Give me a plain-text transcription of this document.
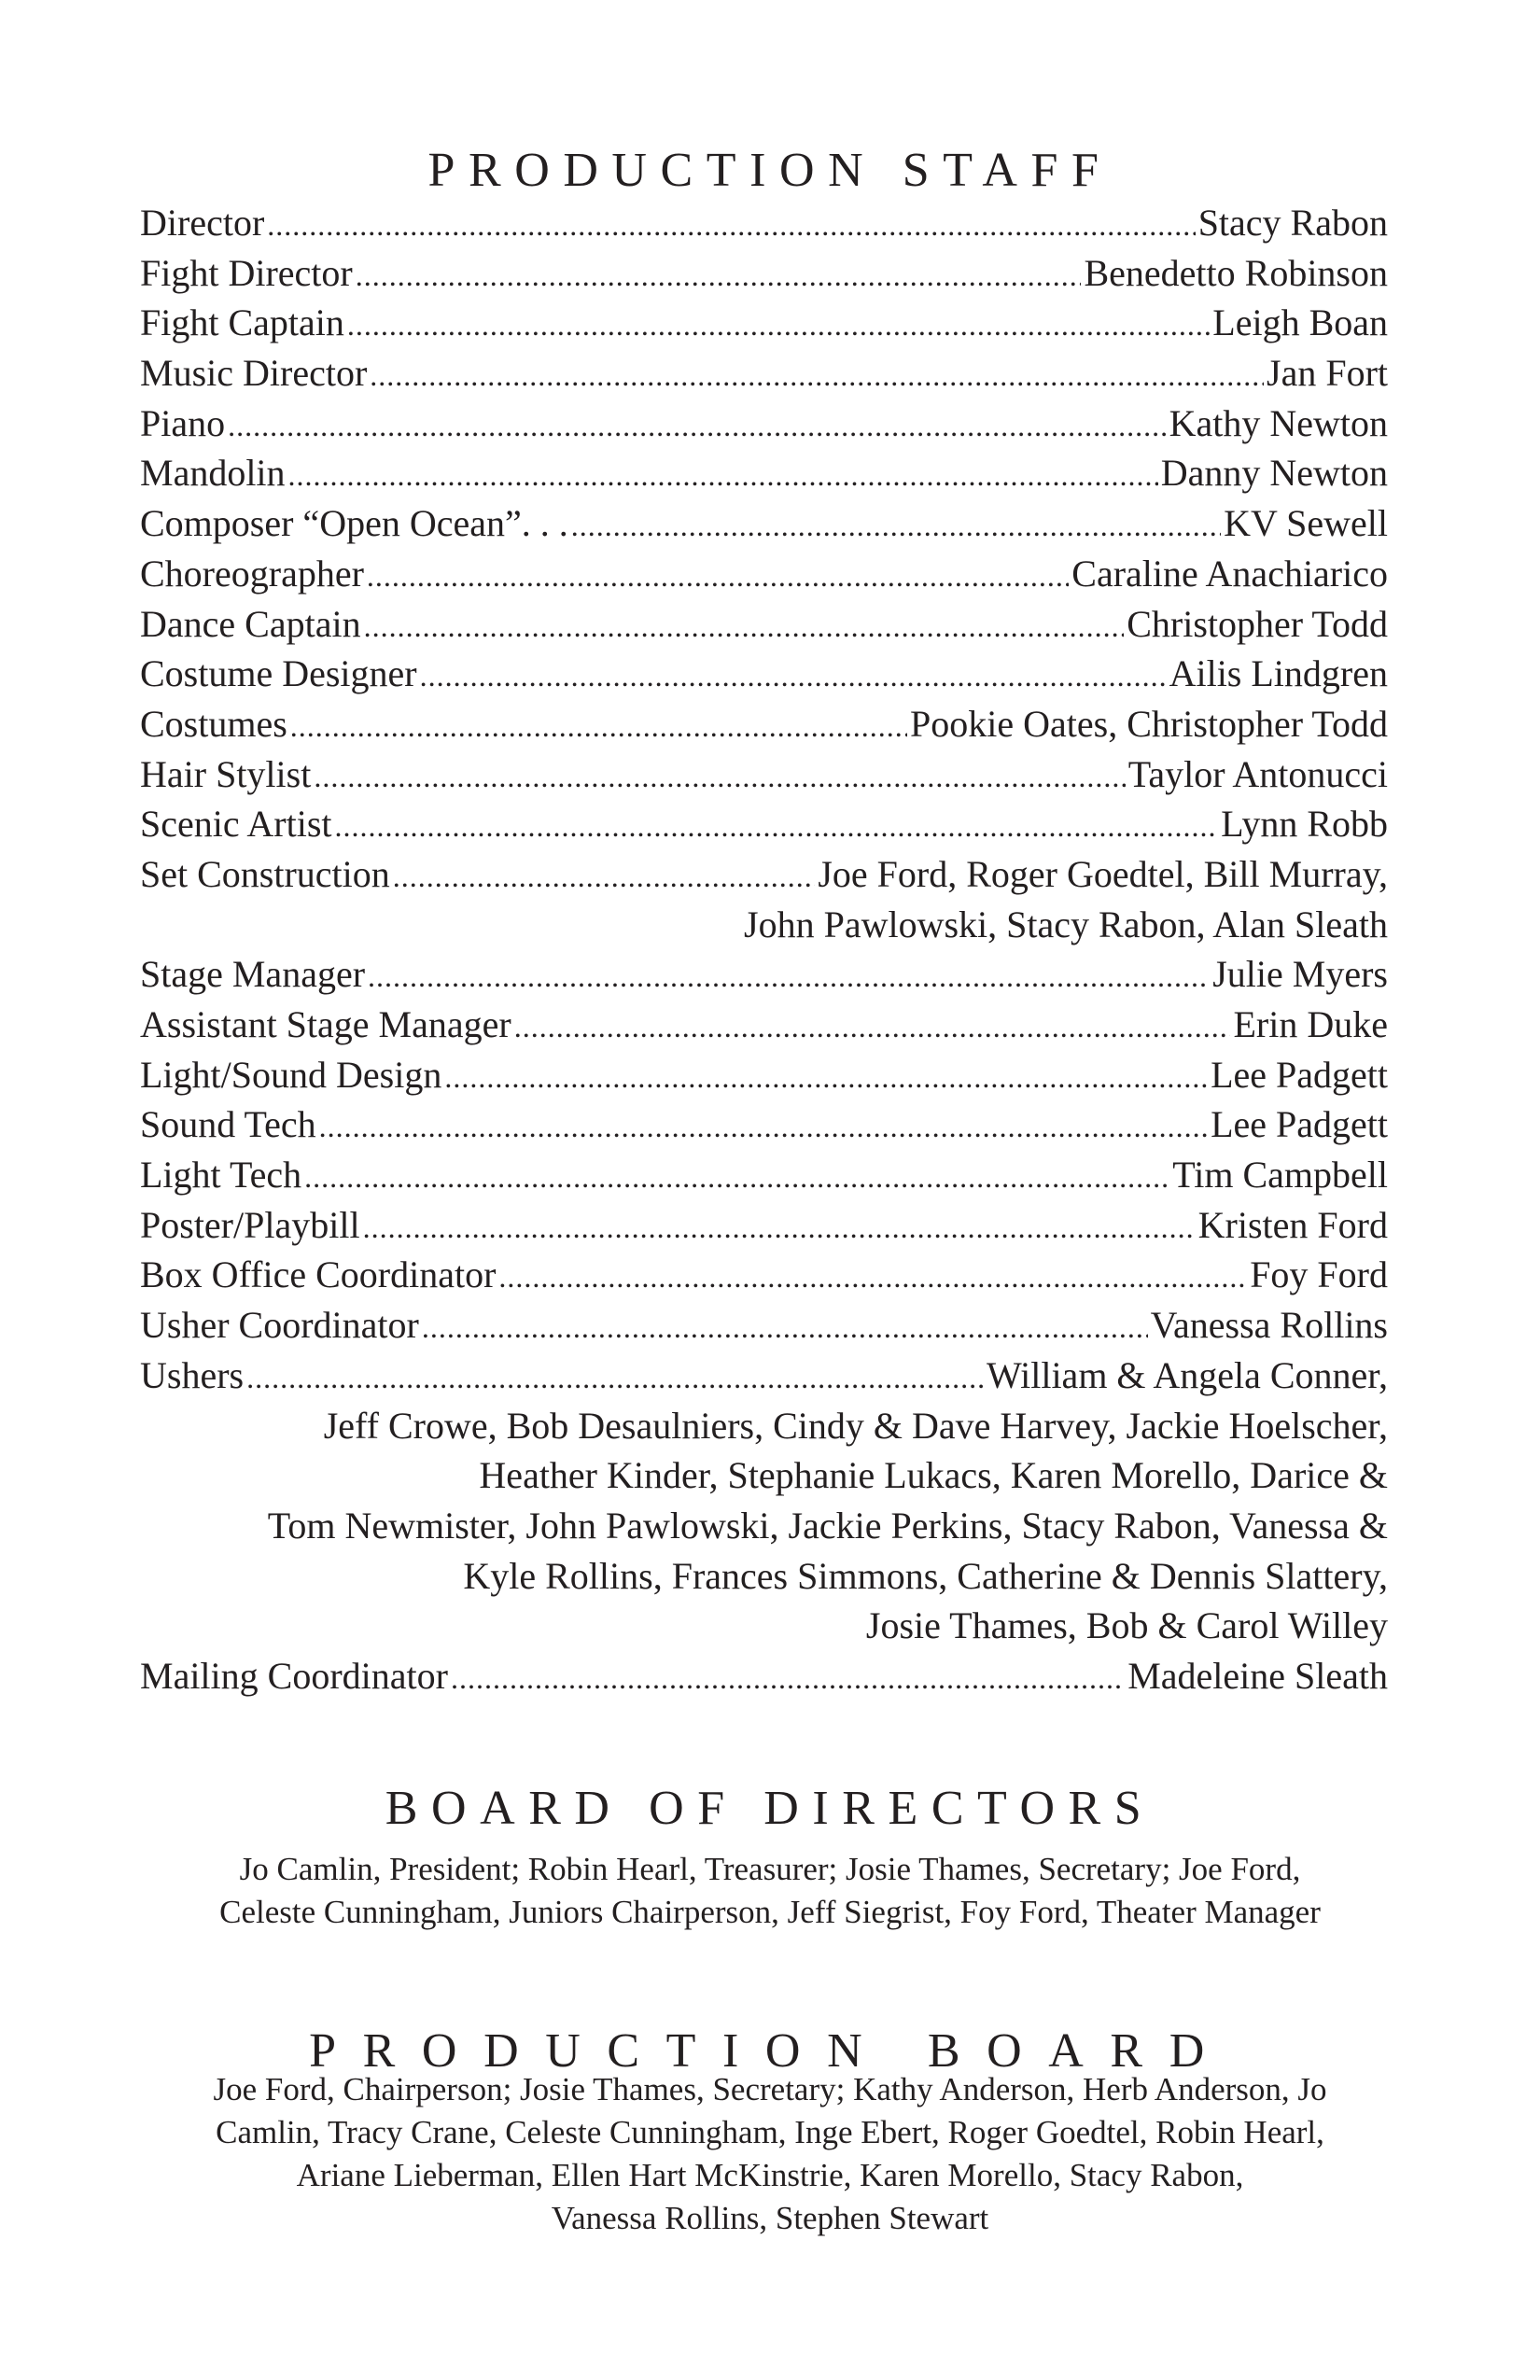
PRODUCTION STAFF
Director .....	Stacy Rabon
Fight Director .....	Benedetto Robinson
Fight Captain .....	Leigh Boan
Music Director .....	Jan Fort
Piano .....	Kathy Newton
Mandolin .....	Danny Newton
Composer “Open Ocean”. . . .....	KV Sewell
Choreographer .....	Caraline Anachiarico
Dance Captain .....	Christopher Todd
Costume Designer .....	Ailis Lindgren
Costumes .....	Pookie Oates, Christopher Todd
Hair Stylist .....	Taylor Antonucci
Scenic Artist .....	Lynn Robb
Set Construction .....	Joe Ford, Roger Goedtel, Bill Murray,
John Pawlowski, Stacy Rabon, Alan Sleath
Stage Manager .....	Julie Myers
Assistant Stage Manager .....	Erin Duke
Light/Sound Design .....	Lee Padgett
Sound Tech .....	Lee Padgett
Light Tech .....	Tim Campbell
Poster/Playbill .....	Kristen Ford
Box Office Coordinator .....	Foy Ford
Usher Coordinator .....	Vanessa Rollins
Ushers .....	William & Angela Conner,
Jeff Crowe, Bob Desaulniers, Cindy & Dave Harvey, Jackie Hoelscher,
Heather Kinder, Stephanie Lukacs, Karen Morello, Darice &
Tom Newmister, John Pawlowski, Jackie Perkins, Stacy Rabon, Vanessa &
Kyle Rollins, Frances Simmons, Catherine & Dennis Slattery,
Josie Thames, Bob & Carol Willey
Mailing Coordinator .....	Madeleine Sleath
BOARD OF DIRECTORS

Jo Camlin, President; Robin Hearl, Treasurer; Josie Thames, Secretary; Joe Ford,
Celeste Cunningham, Juniors Chairperson, Jeff Siegrist, Foy Ford, Theater Manager

PRODUCTION BOARD

Joe Ford, Chairperson; Josie Thames, Secretary; Kathy Anderson, Herb Anderson, Jo
Camlin, Tracy Crane, Celeste Cunningham, Inge Ebert, Roger Goedtel, Robin Hearl,
Ariane Lieberman, Ellen Hart McKinstrie, Karen Morello, Stacy Rabon,
Vanessa Rollins, Stephen Stewart
